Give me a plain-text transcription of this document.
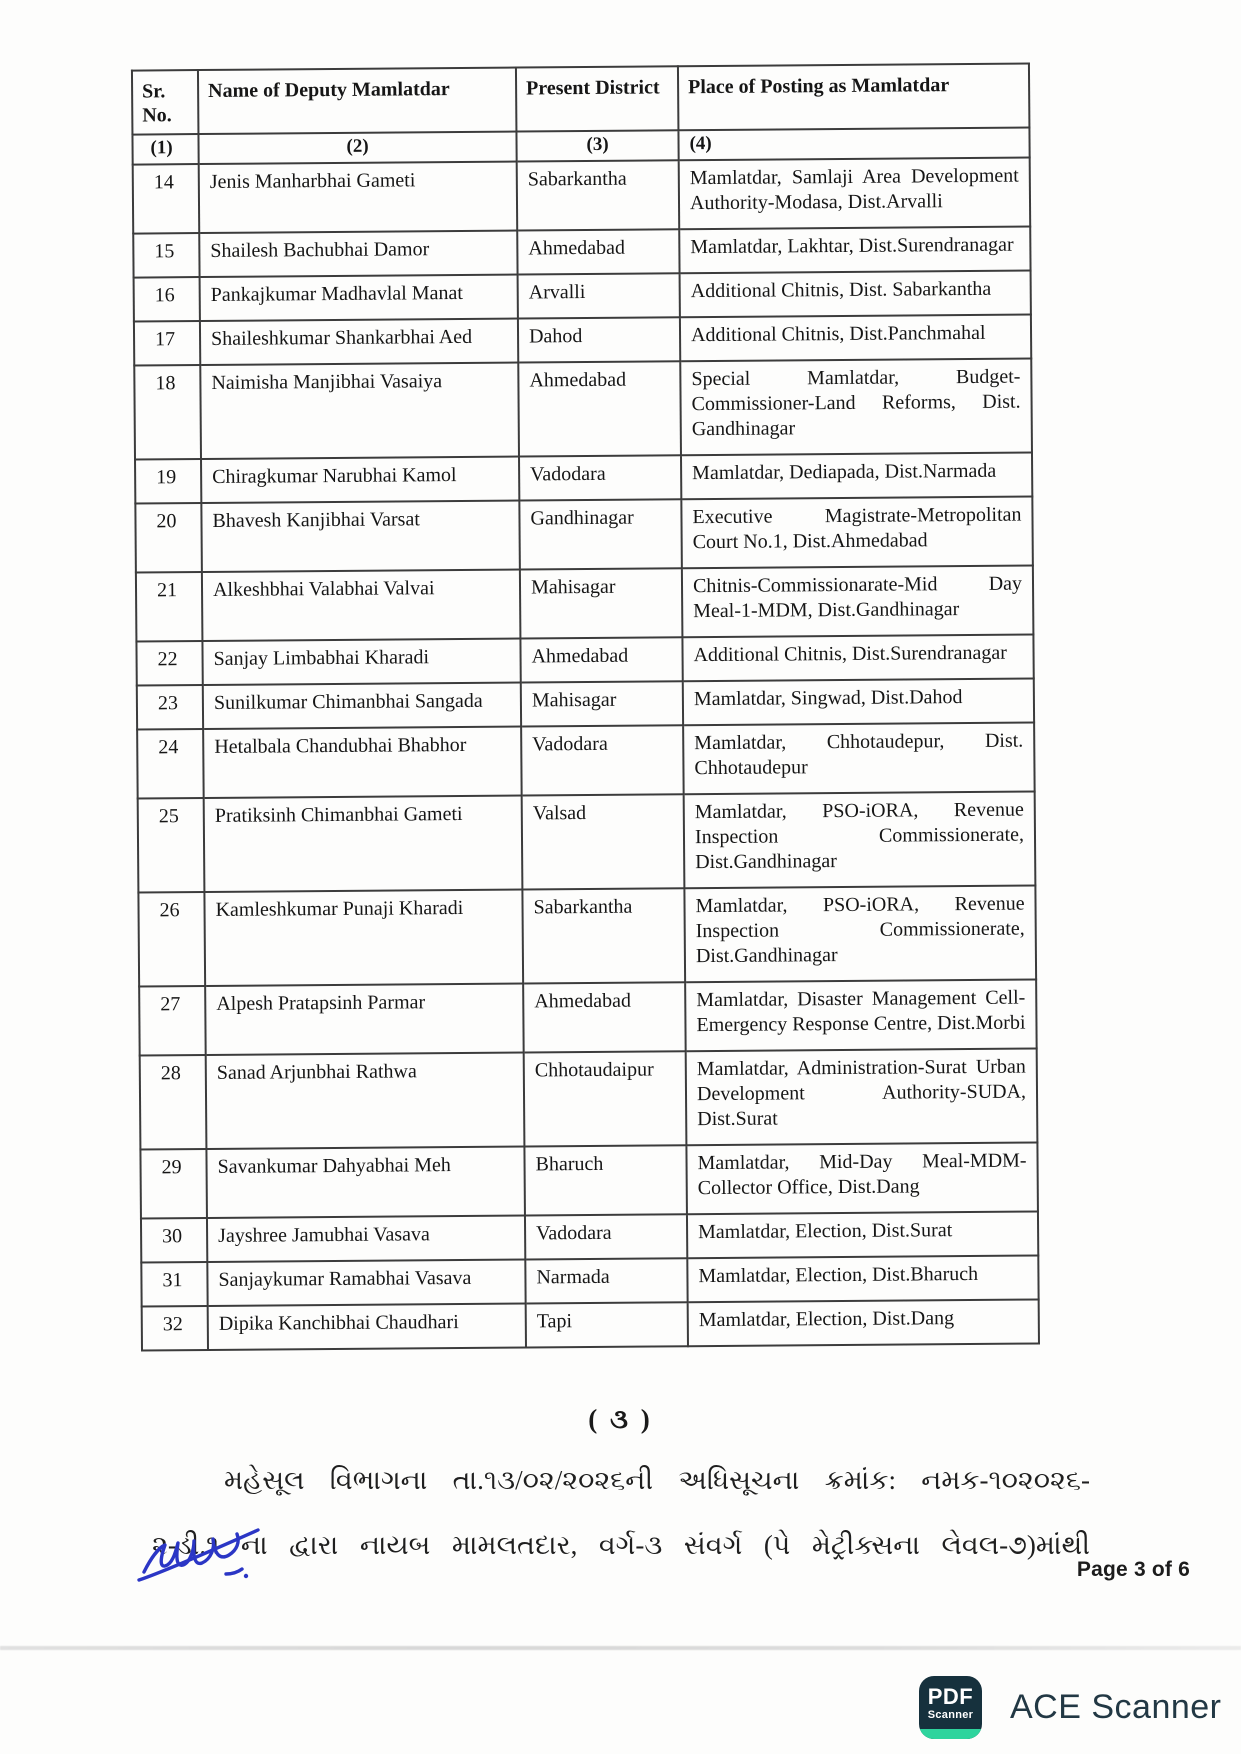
Sr. No.	Name of Deputy Mamlatdar	Present District	Place of Posting as Mamlatdar
(1)	(2)	(3)	(4)
14	Jenis Manharbhai Gameti	Sabarkantha	Mamlatdar, Samlaji Area Development Authority-Modasa, Dist.Arvalli
15	Shailesh Bachubhai Damor	Ahmedabad	Mamlatdar, Lakhtar, Dist.Surendranagar
16	Pankajkumar Madhavlal Manat	Arvalli	Additional Chitnis, Dist. Sabarkantha
17	Shaileshkumar Shankarbhai Aed	Dahod	Additional Chitnis, Dist.Panchmahal
18	Naimisha Manjibhai Vasaiya	Ahmedabad	Special Mamlatdar, Budget-Commissioner-Land Reforms, Dist. Gandhinagar
19	Chiragkumar Narubhai Kamol	Vadodara	Mamlatdar, Dediapada, Dist.Narmada
20	Bhavesh Kanjibhai Varsat	Gandhinagar	Executive Magistrate-Metropolitan Court No.1, Dist.Ahmedabad
21	Alkeshbhai Valabhai Valvai	Mahisagar	Chitnis-Commissionarate-Mid Day Meal-1-MDM, Dist.Gandhinagar
22	Sanjay Limbabhai Kharadi	Ahmedabad	Additional Chitnis, Dist.Surendranagar
23	Sunilkumar Chimanbhai Sangada	Mahisagar	Mamlatdar, Singwad, Dist.Dahod
24	Hetalbala Chandubhai Bhabhor	Vadodara	Mamlatdar, Chhotaudepur, Dist. Chhotaudepur
25	Pratiksinh Chimanbhai Gameti	Valsad	Mamlatdar, PSO-iORA, Revenue Inspection Commissionerate, Dist.Gandhinagar
26	Kamleshkumar Punaji Kharadi	Sabarkantha	Mamlatdar, PSO-iORA, Revenue Inspection Commissionerate, Dist.Gandhinagar
27	Alpesh Pratapsinh Parmar	Ahmedabad	Mamlatdar, Disaster Management Cell-Emergency Response Centre, Dist.Morbi
28	Sanad Arjunbhai Rathwa	Chhotaudaipur	Mamlatdar, Administration-Surat Urban Development Authority-SUDA, Dist.Surat
29	Savankumar Dahyabhai Meh	Bharuch	Mamlatdar, Mid-Day Meal-MDM-Collector Office, Dist.Dang
30	Jayshree Jamubhai Vasava	Vadodara	Mamlatdar, Election, Dist.Surat
31	Sanjaykumar Ramabhai Vasava	Narmada	Mamlatdar, Election, Dist.Bharuch
32	Dipika Kanchibhai Chaudhari	Tapi	Mamlatdar, Election, Dist.Dang
( ૩ )
મહેસૂલ વિભાગના તા.૧૩/૦૨/૨૦૨૬ની અધિસૂચના ક્રમાંક: નમક-૧૦૨૦૨૬-
૨-ડી.૧ ના દ્વારા નાયબ મામલતદાર, વર્ગ-૩ સંવર્ગ (પે મેટ્રીક્સના લેવલ-૭)માંથી
Page 3 of 6
PDF
Scanner ACE Scanner
